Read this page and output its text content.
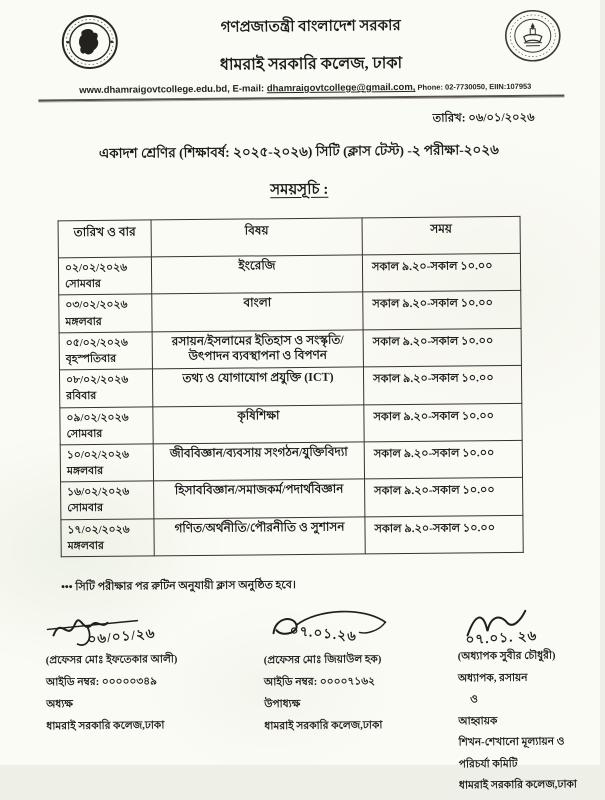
গণপ্রজাতন্ত্রী বাংলাদেশ সরকার
ধামরাই সরকারি কলেজ, ঢাকা
www.dhamraigovtcollege.edu.bd, E-mail: dhamraigovtcollege@gmail.com, Phone: 02-7730050, EIIN:107953
তারিখ: ০৬/০১/২০২৬
একাদশ শ্রেণির (শিক্ষাবর্ষ: ২০২৫-২০২৬) সিটি (ক্লাস টেস্ট) -২ পরীক্ষা-২০২৬
সময়সূচি :
তারিখ ও বার	বিষয়	সময়
০২/০২/২০২৬
সোমবার	ইংরেজি	সকাল ৯.২০-সকাল ১০.০০
০৩/০২/২০২৬
মঙ্গলবার	বাংলা	সকাল ৯.২০-সকাল ১০.০০
০৫/০২/২০২৬
বৃহস্পতিবার	রসায়ন/ইসলামের ইতিহাস ও সংস্কৃতি/উৎপাদন ব্যবস্থাপনা ও বিপণন	সকাল ৯.২০-সকাল ১০.০০
০৮/০২/২০২৬
রবিবার	তথ্য ও যোগাযোগ প্রযুক্তি (ICT)	সকাল ৯.২০-সকাল ১০.০০
০৯/০২/২০২৬
সোমবার	কৃষিশিক্ষা	সকাল ৯.২০-সকাল ১০.০০
১০/০২/২০২৬
মঙ্গলবার	জীববিজ্ঞান/ব্যবসায় সংগঠন/যুক্তিবিদ্যা	সকাল ৯.২০-সকাল ১০.০০
১৬/০২/২০২৬
সোমবার	হিসাববিজ্ঞান/সমাজকর্ম/পদার্থবিজ্ঞান	সকাল ৯.২০-সকাল ১০.০০
১৭/০২/২০২৬
মঙ্গলবার	গণিত/অর্থনীতি/পৌরনীতি ও সুশাসন	সকাল ৯.২০-সকাল ১০.০০
••• সিটি পরীক্ষার পর রুটিন অনুযায়ী ক্লাস অনুষ্ঠিত হবে।
০৬/০১/২৬
(প্রফেসর মোঃ ইফতেকার আলী)
আইডি নম্বর: ০০০০০৩৪৯
অধ্যক্ষ
ধামরাই সরকারি কলেজ,ঢাকা
০৭.০১.২৬
(প্রফেসর মোঃ জিয়াউল হক)
আইডি নম্বর: ০০০০৭১৬২
উপাধ্যক্ষ
ধামরাই সরকারি কলেজ,ঢাকা
০৭.০১. ২৬
(অধ্যাপক সুবীর চৌধুরী)
অধ্যাপক, রসায়ন
ও
আহ্বায়ক
শিখন-শেখানো মূল্যায়ন ও
পরিচর্যা কমিটি
ধামরাই সরকারি কলেজ,ঢাকা
